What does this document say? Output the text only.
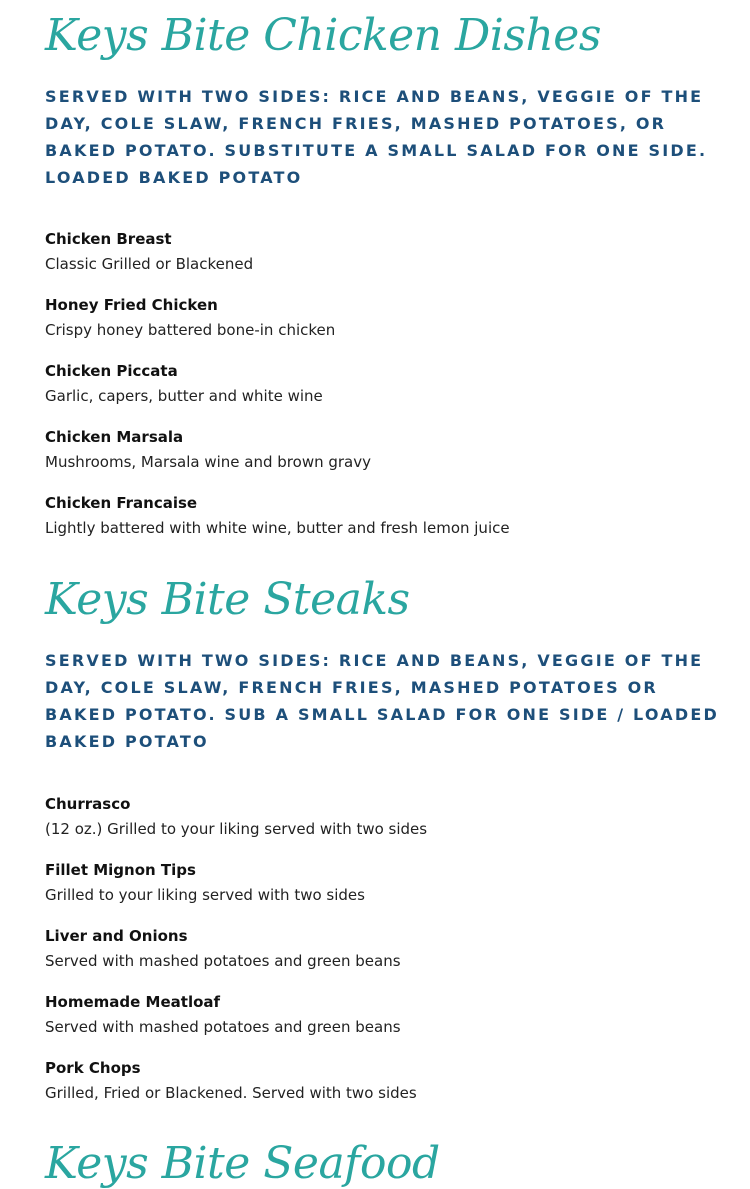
Keys Bite Chicken Dishes

SERVED WITH TWO SIDES: RICE AND BEANS, VEGGIE OF THE DAY, COLE SLAW, FRENCH FRIES, MASHED POTATOES, OR BAKED POTATO. SUBSTITUTE A SMALL SALAD FOR ONE SIDE. LOADED BAKED POTATO

Chicken Breast
Classic Grilled or Blackened
Honey Fried Chicken
Crispy honey battered bone-in chicken
Chicken Piccata
Garlic, capers, butter and white wine
Chicken Marsala
Mushrooms, Marsala wine and brown gravy
Chicken Francaise
Lightly battered with white wine, butter and fresh lemon juice
Keys Bite Steaks

SERVED WITH TWO SIDES: RICE AND BEANS, VEGGIE OF THE DAY, COLE SLAW, FRENCH FRIES, MASHED POTATOES OR BAKED POTATO. SUB A SMALL SALAD FOR ONE SIDE / LOADED BAKED POTATO

Churrasco
(12 oz.) Grilled to your liking served with two sides
Fillet Mignon Tips
Grilled to your liking served with two sides
Liver and Onions
Served with mashed potatoes and green beans
Homemade Meatloaf
Served with mashed potatoes and green beans
Pork Chops
Grilled, Fried or Blackened. Served with two sides
Keys Bite Seafood
